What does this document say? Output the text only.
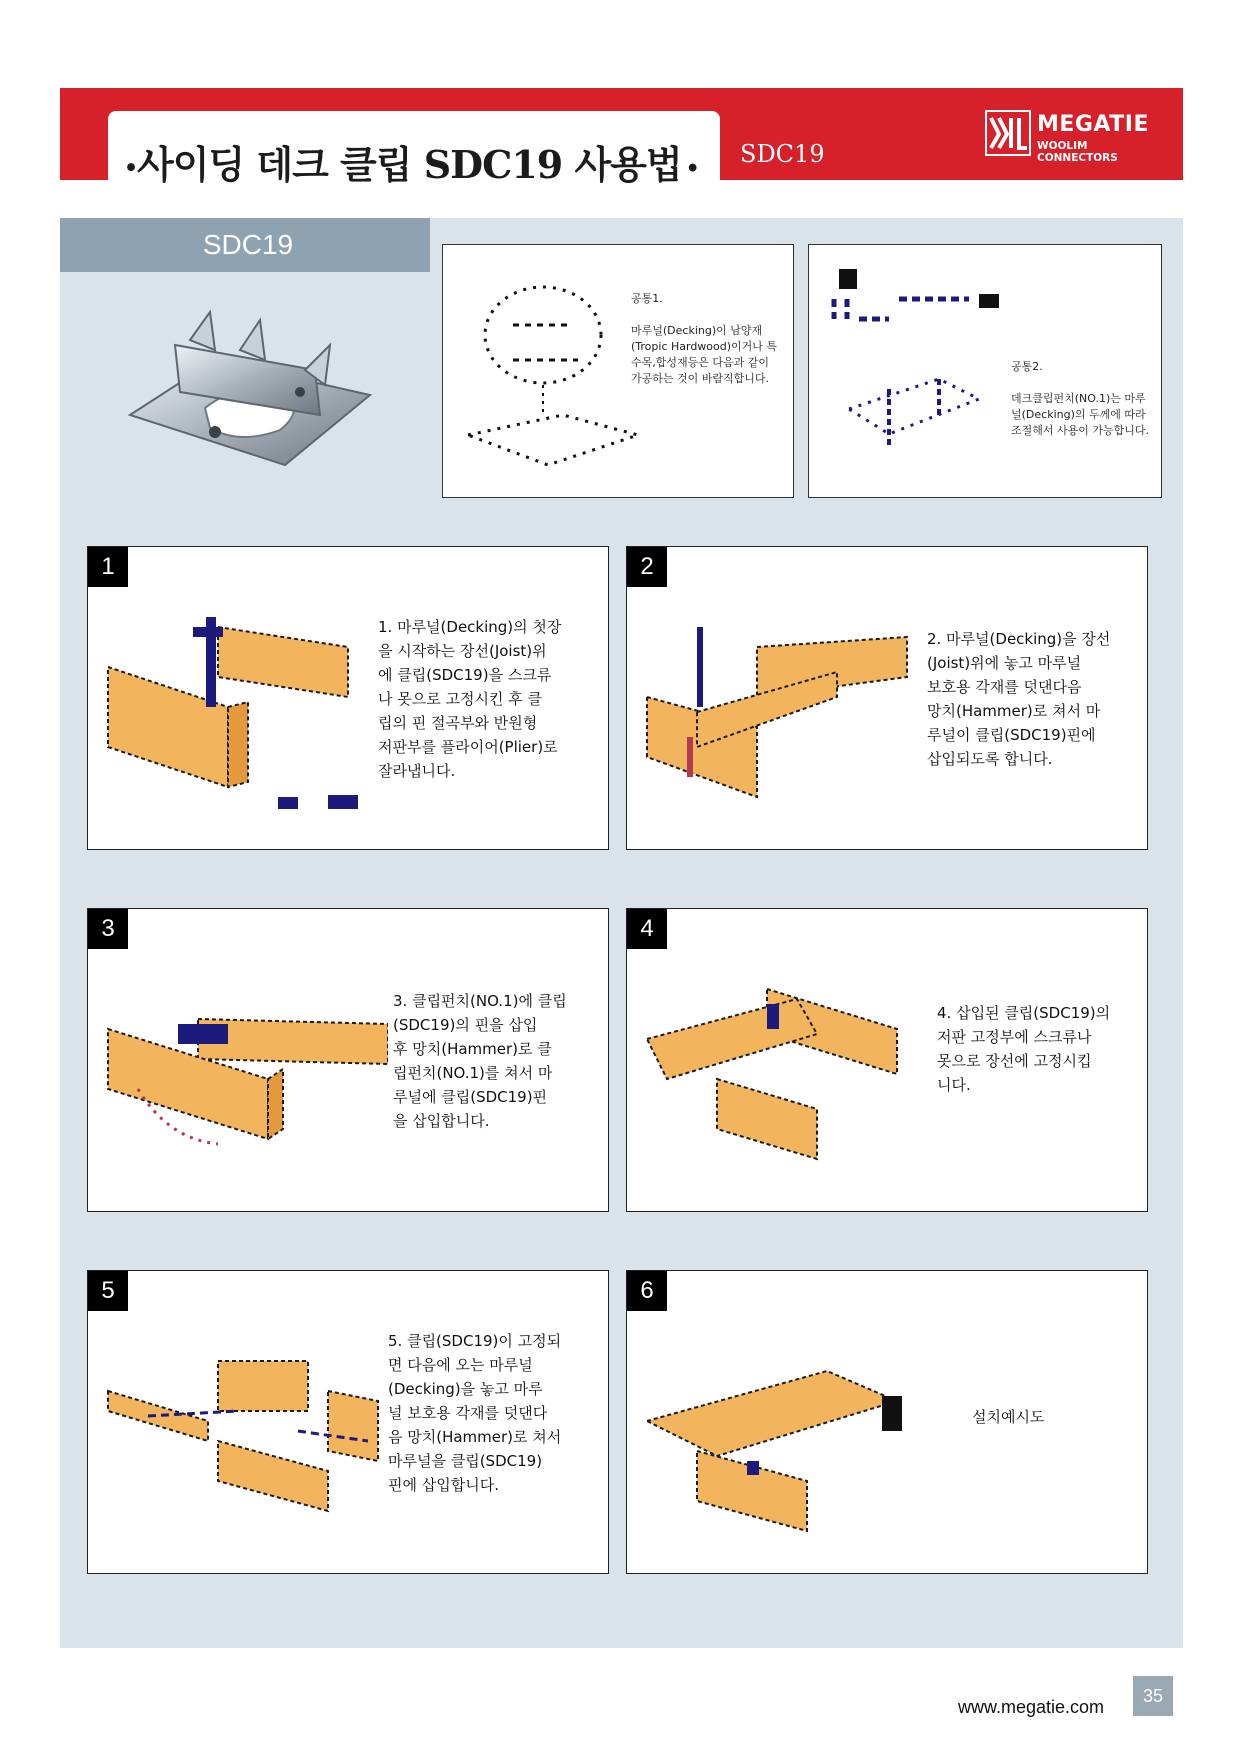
•사이딩 데크 클립 SDC19 사용법 •
SDC19
MEGATIE
WOOLIM CONNECTORS
SDC19
공통1.
마루널(Decking)이 남양재 (Tropic Hardwood)이거나 특수목,합성재등은 다음과 같이 가공하는 것이 바람직합니다.
공통2.
데크클립펀치(NO.1)는 마루널(Decking)의 두께에 따라 조절해서 사용이 가능합니다.
1
1. 마루널(Decking)의 첫장
을 시작하는 장선(Joist)위
에 클립(SDC19)을 스크류
나 못으로 고정시킨 후 클
립의 핀 절곡부와 반원형
저판부를 플라이어(Plier)로
잘라냅니다.
2
2. 마루널(Decking)을 장선
(Joist)위에 놓고 마루널
보호용 각재를 덧댄다음
망치(Hammer)로 쳐서 마
루널이 클립(SDC19)핀에
삽입되도록 합니다.
3
3. 클립펀치(NO.1)에 클립
(SDC19)의 핀을 삽입
후 망치(Hammer)로 클
립펀치(NO.1)를 쳐서 마
루널에 클립(SDC19)핀
을 삽입합니다.
4
4. 삽입된 클립(SDC19)의
저판 고정부에 스크류나
못으로 장선에 고정시킵
니다.
5
5. 클립(SDC19)이 고정되
면 다음에 오는 마루널
(Decking)을 놓고 마루
널 보호용 각재를 덧댄다
음 망치(Hammer)로 쳐서
마루널을 클립(SDC19)
핀에 삽입합니다.
6
설치예시도
www.megatie.com
35
